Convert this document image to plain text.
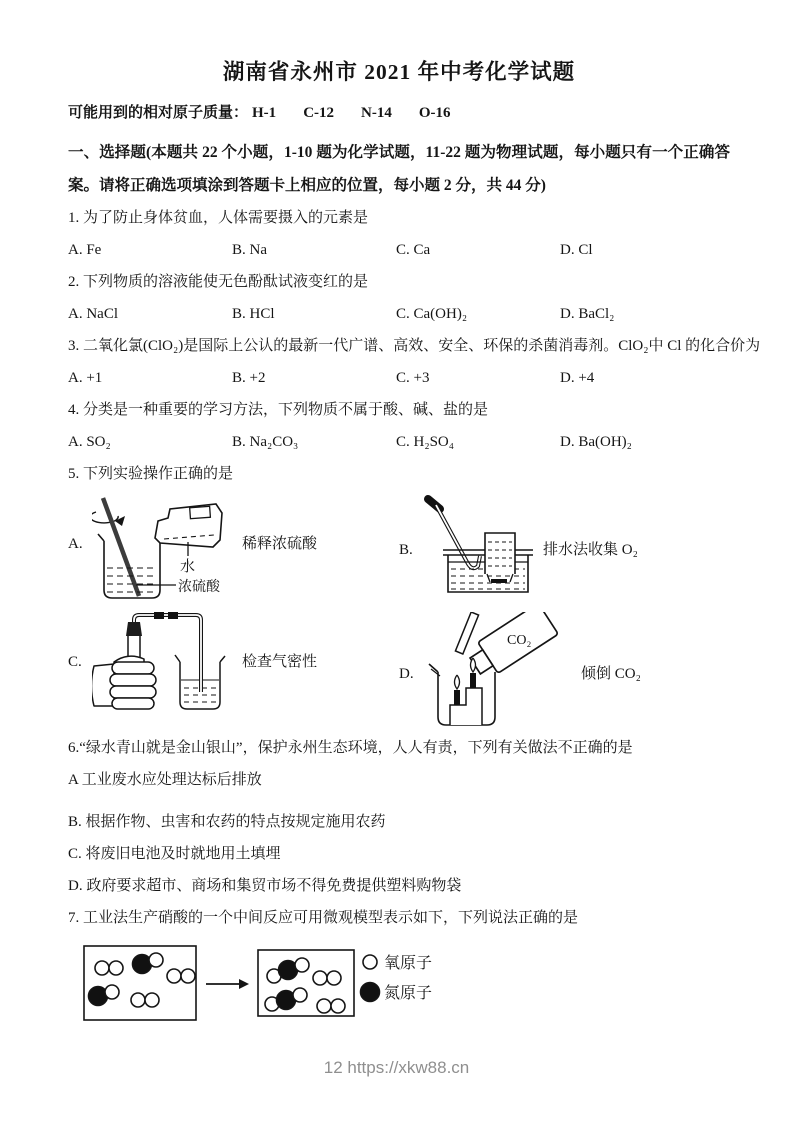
湖南省永州市 2021 年中考化学试题
可能用到的相对原子质量： H-1 C-12 N-14 O-16
一、选择题(本题共 22 个小题，1-10 题为化学试题，11-22 题为物理试题，每小题只有一个正确答案。请将正确选项填涂到答题卡上相应的位置，每小题 2 分，共 44 分)
1. 为了防止身体贫血，人体需要摄入的元素是
A. Fe	B. Na	C. Ca	D. Cl
2. 下列物质的溶液能使无色酚酞试液变红的是
A. NaCl	B. HCl	C. Ca(OH)₂	D. BaCl₂
3. 二氧化氯(ClO₂)是国际上公认的最新一代广谱、高效、安全、环保的杀菌消毒剂。ClO₂中 Cl 的化合价为
A. +1	B. +2	C. +3	D. +4
4. 分类是一种重要的学习方法，下列物质不属于酸、碱、盐的是
A. SO₂	B. Na₂CO₃	C. H₂SO₄	D. Ba(OH)₂
5. 下列实验操作正确的是
A.
水
浓硫酸
稀释浓硫酸	B.	排水法收集 O₂
C.	检查气密性
D.
CO₂
倾倒 CO₂
6.“绿水青山就是金山银山”，保护永州生态环境，人人有责，下列有关做法不正确的是
A 工业废水应处理达标后排放
B. 根据作物、虫害和农药的特点按规定施用农药
C. 将废旧电池及时就地用土填埋
D. 政府要求超市、商场和集贸市场不得免费提供塑料购物袋
7. 工业法生产硝酸的一个中间反应可用微观模型表示如下，下列说法正确的是
氧原子
氮原子
12 https://xkw88.cn
